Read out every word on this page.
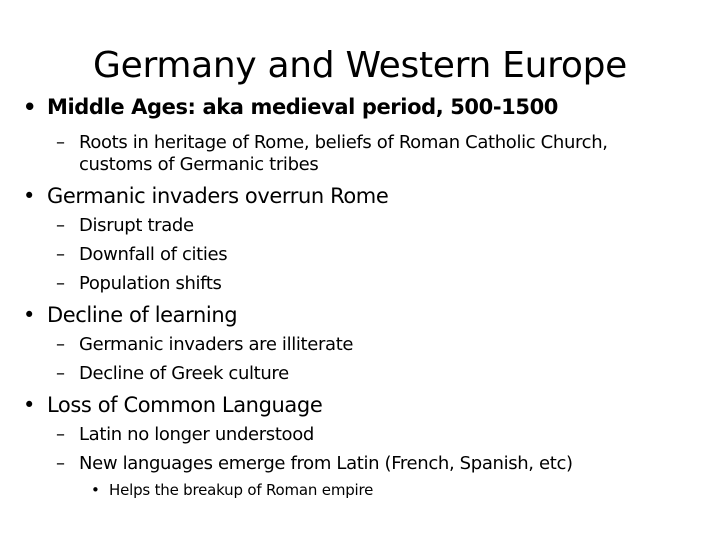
Germany and Western Europe
• Middle Ages: aka medieval period, 500-1500
– Roots in heritage of Rome, beliefs of Roman Catholic Church,
customs of Germanic tribes
• Germanic invaders overrun Rome
– Disrupt trade
– Downfall of cities
– Population shifts
• Decline of learning
– Germanic invaders are illiterate
– Decline of Greek culture
• Loss of Common Language
– Latin no longer understood
– New languages emerge from Latin (French, Spanish, etc)
• Helps the breakup of Roman empire
